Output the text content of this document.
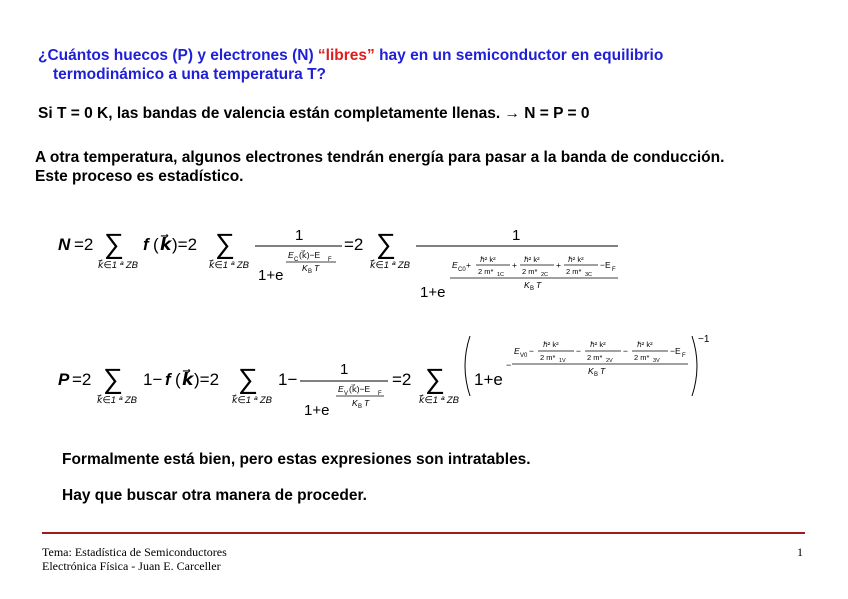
¿Cuántos huecos (P) y electrones (N) “libres” hay en un semiconductor en equilibrio
termodinámico a una temperatura T?
Si T = 0 K, las bandas de valencia están completamente llenas. → N = P = 0
A otra temperatura, algunos electrones tendrán energía para pasar a la banda de conducción.
Este proceso es estadístico.
N =2 ∑
k⃗∈1 ª ZB
f ( k⃗ )=2 ∑
k⃗∈1 ª ZB
1
1+e
E C (k⃗)−E F
K B T
=2 ∑
k⃗∈1 ª ZB
1
1+e
E C0 +
ℏ² k²
2 m* 1C
+
ℏ² k²
2 m* 2C
+
ℏ² k²
2 m* 3C
−E F
K B T
P =2 ∑
k⃗∈1 ª ZB
1− f ( k⃗ )=2 ∑
k⃗∈1 ª ZB
1−
1
1+e
E V (k⃗)−E F
K B T
=2 ∑
k⃗∈1 ª ZB
1+e
−
E V0 −
ℏ² k²
2 m* 1V
−
ℏ² k²
2 m* 2V
−
ℏ² k²
2 m* 3V
−E F
K B T
−1
Formalmente está bien, pero estas expresiones son intratables.
Hay que buscar otra manera de proceder.
Tema: Estadística de Semiconductores
Electrónica Física - Juan E. Carceller
1
